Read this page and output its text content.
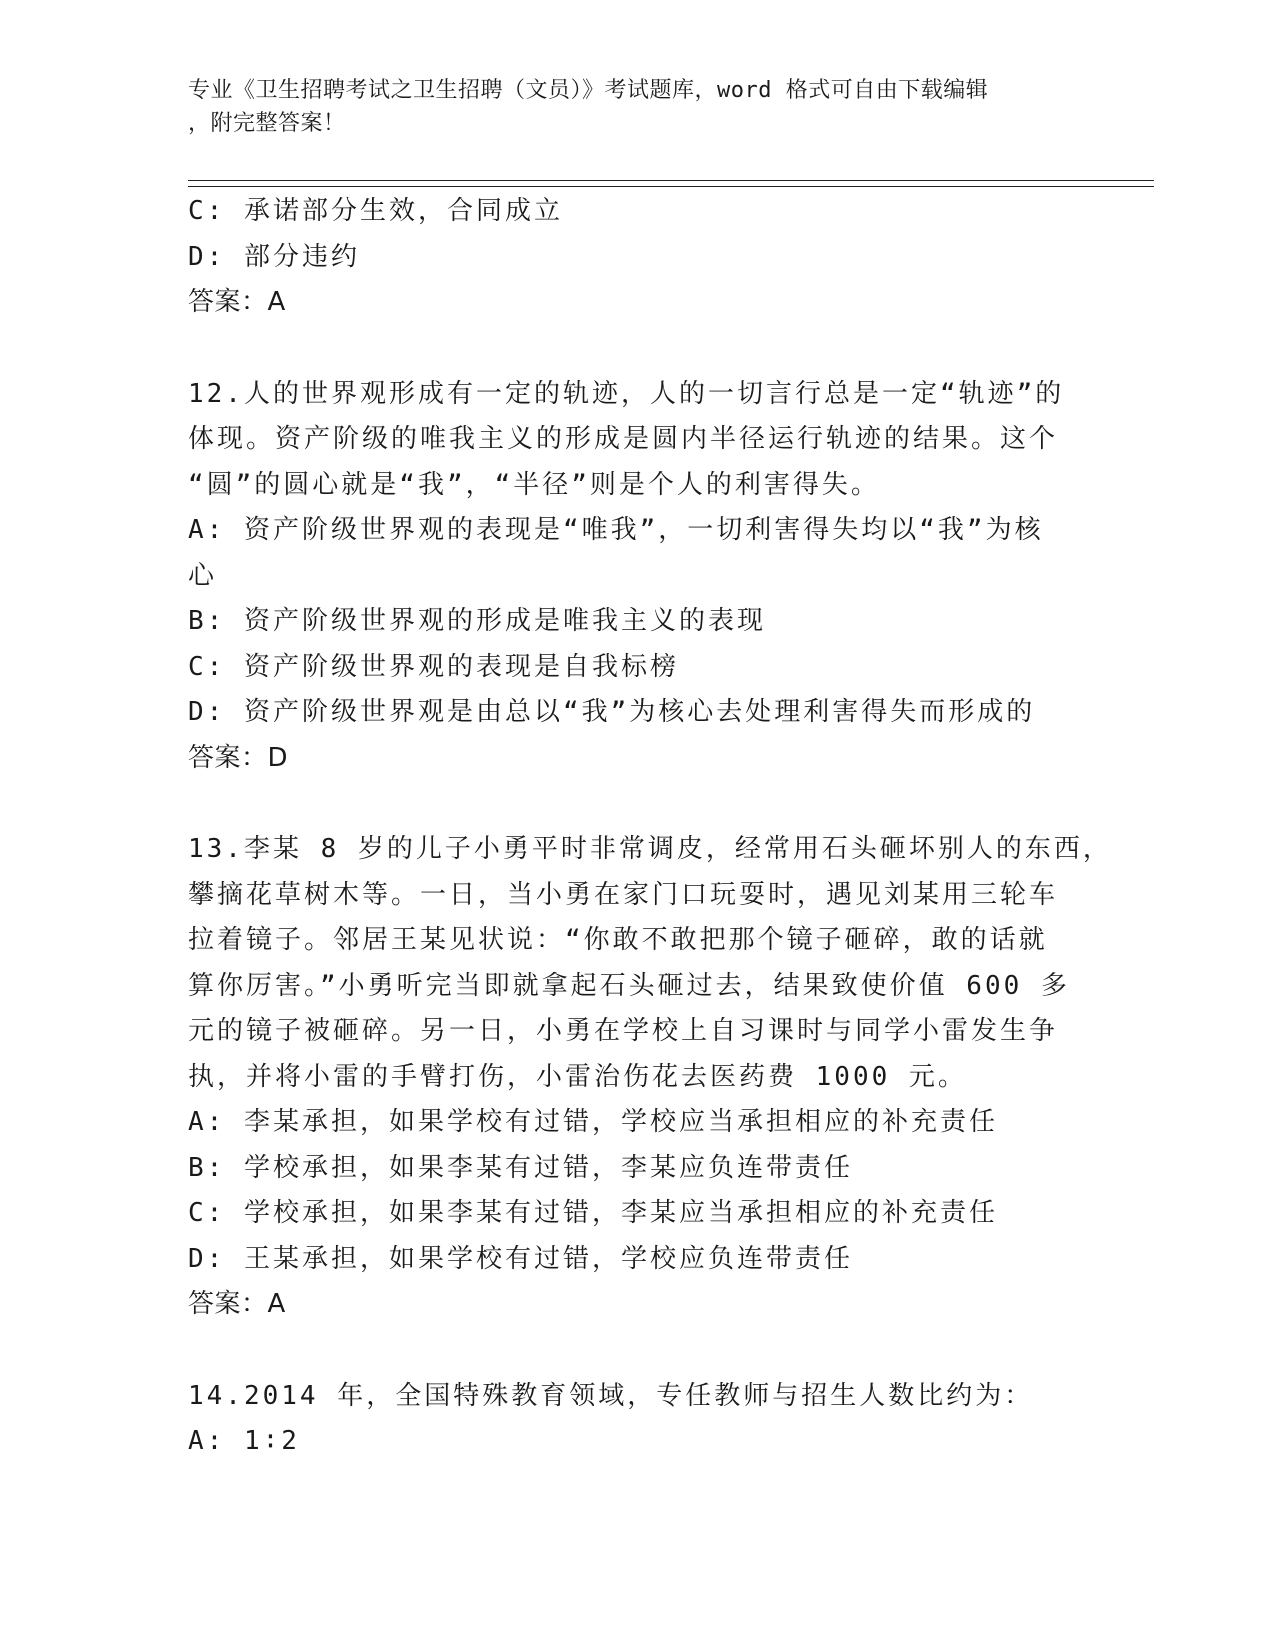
专业《卫生招聘考试之卫生招聘（文员）》考试题库，word 格式可自由下载编辑
，附完整答案！
C: 承诺部分生效，合同成立
D: 部分违约
答案：A
12.人的世界观形成有一定的轨迹，人的一切言行总是一定“轨迹”的
体现。资产阶级的唯我主义的形成是圆内半径运行轨迹的结果。这个
“圆”的圆心就是“我”，“半径”则是个人的利害得失。
A: 资产阶级世界观的表现是“唯我”，一切利害得失均以“我”为核
心
B: 资产阶级世界观的形成是唯我主义的表现
C: 资产阶级世界观的表现是自我标榜
D: 资产阶级世界观是由总以“我”为核心去处理利害得失而形成的
答案：D
13.李某 8 岁的儿子小勇平时非常调皮，经常用石头砸坏别人的东西，
攀摘花草树木等。一日，当小勇在家门口玩耍时，遇见刘某用三轮车
拉着镜子。邻居王某见状说：“你敢不敢把那个镜子砸碎，敢的话就
算你厉害。”小勇听完当即就拿起石头砸过去，结果致使价值 600 多
元的镜子被砸碎。另一日，小勇在学校上自习课时与同学小雷发生争
执，并将小雷的手臂打伤，小雷治伤花去医药费 1000 元。
A: 李某承担，如果学校有过错，学校应当承担相应的补充责任
B: 学校承担，如果李某有过错，李某应负连带责任
C: 学校承担，如果李某有过错，李某应当承担相应的补充责任
D: 王某承担，如果学校有过错，学校应负连带责任
答案：A
14.2014 年，全国特殊教育领域，专任教师与招生人数比约为：
A: 1∶2
